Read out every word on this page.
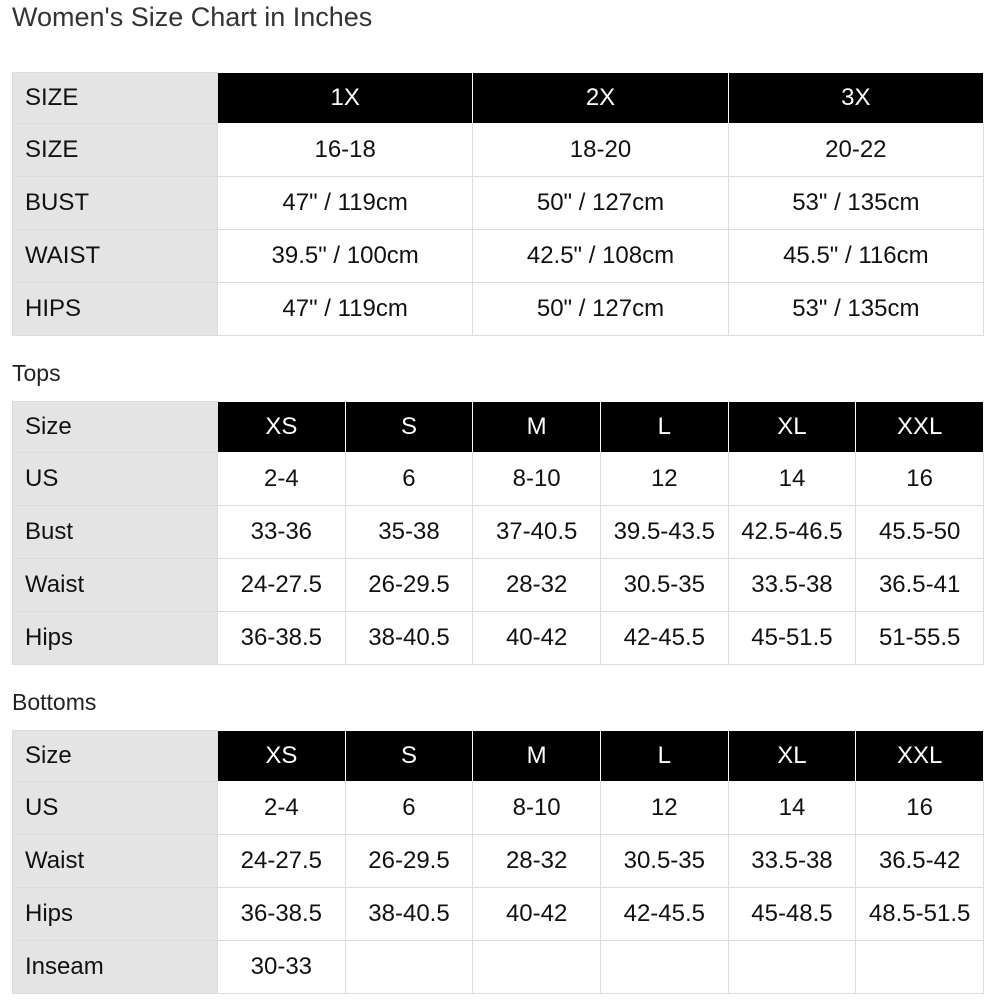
Women's Size Chart in Inches
SIZE	1X	2X	3X
SIZE	16-18	18-20	20-22
BUST	47" / 119cm	50" / 127cm	53" / 135cm
WAIST	39.5" / 100cm	42.5" / 108cm	45.5" / 116cm
HIPS	47" / 119cm	50" / 127cm	53" / 135cm
Tops
Size	XS	S	M	L	XL	XXL
US	2-4	6	8-10	12	14	16
Bust	33-36	35-38	37-40.5	39.5-43.5	42.5-46.5	45.5-50
Waist	24-27.5	26-29.5	28-32	30.5-35	33.5-38	36.5-41
Hips	36-38.5	38-40.5	40-42	42-45.5	45-51.5	51-55.5
Bottoms
Size	XS	S	M	L	XL	XXL
US	2-4	6	8-10	12	14	16
Waist	24-27.5	26-29.5	28-32	30.5-35	33.5-38	36.5-42
Hips	36-38.5	38-40.5	40-42	42-45.5	45-48.5	48.5-51.5
Inseam	30-33					
